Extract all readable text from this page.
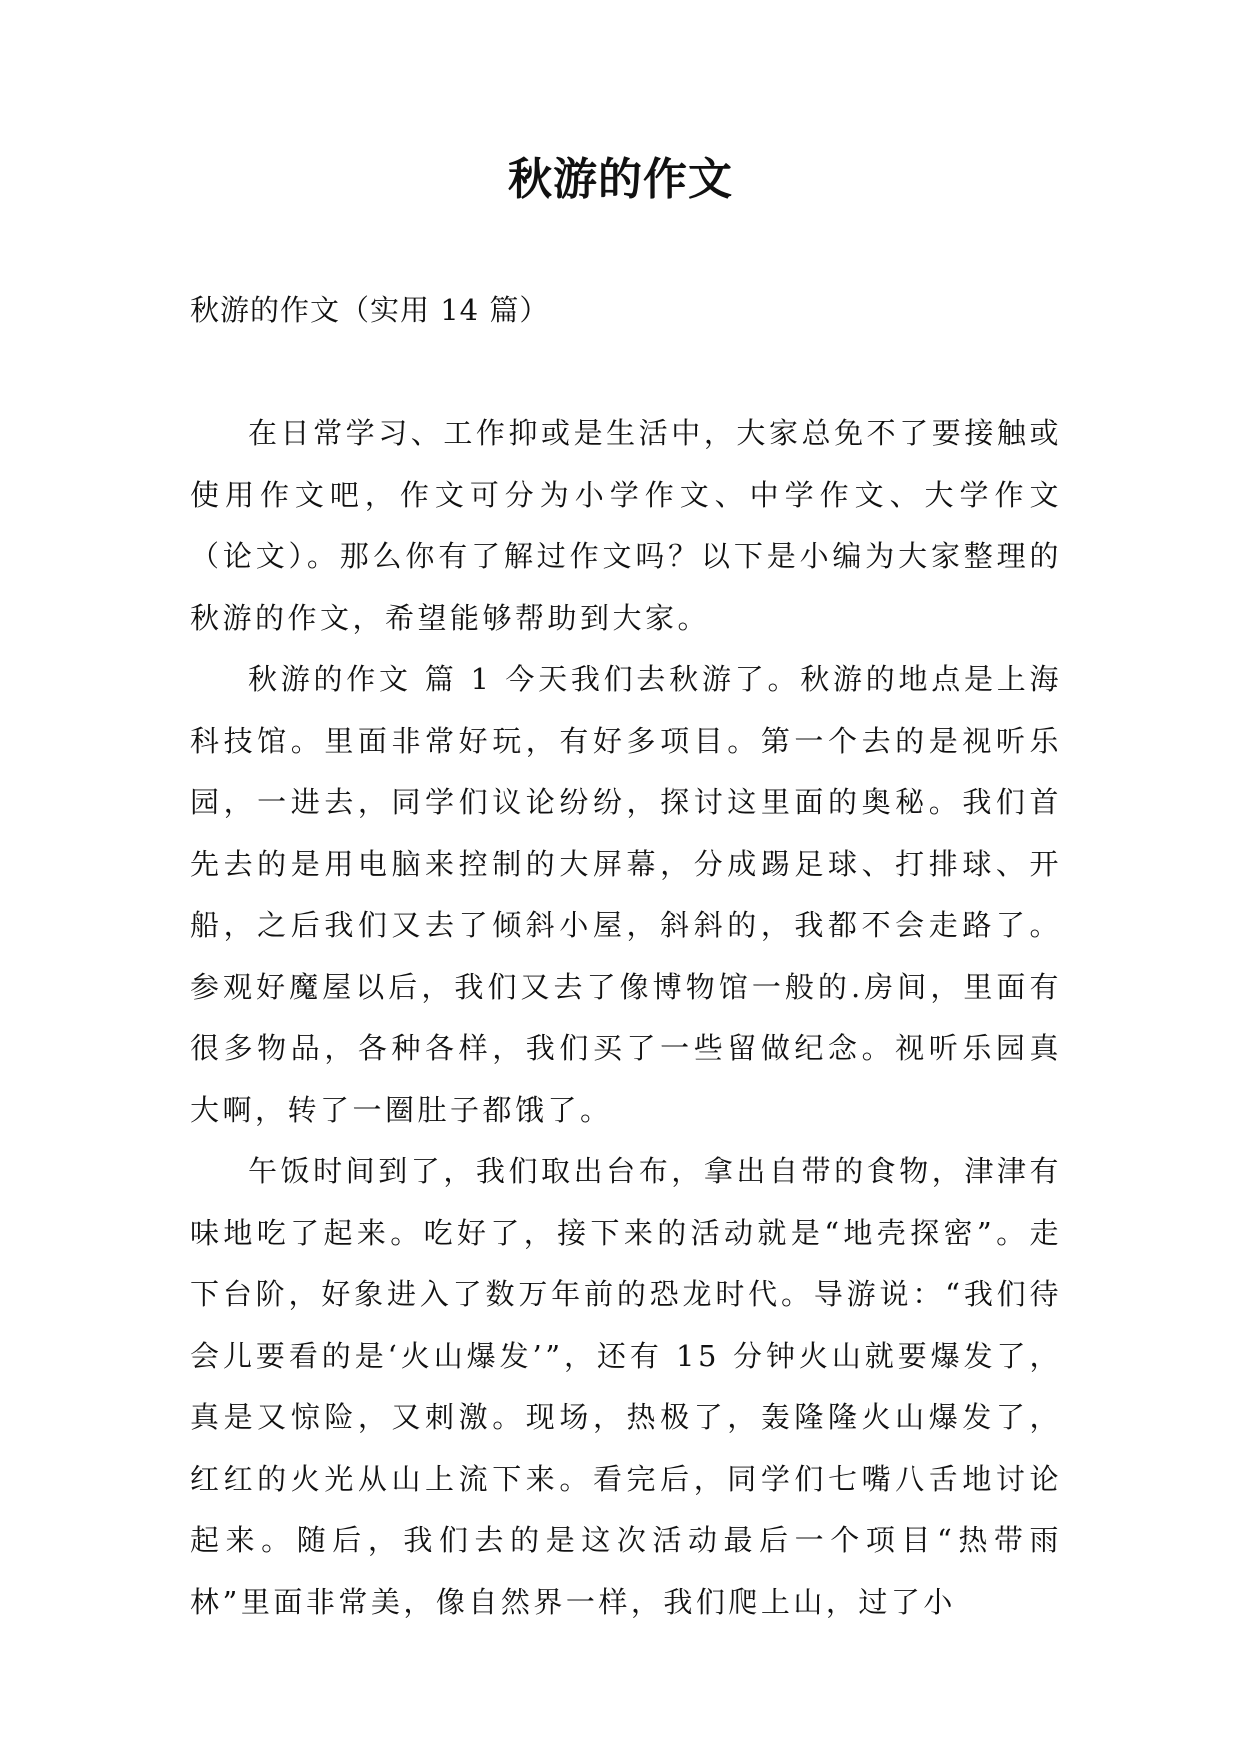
秋游的作文

秋游的作文（实用 14 篇）

在日常学习、工作抑或是生活中，大家总免不了要接触或使用作文吧，作文可分为小学作文、中学作文、大学作文（论文）。那么你有了解过作文吗？以下是小编为大家整理的秋游的作文，希望能够帮助到大家。

秋游的作文 篇 1 今天我们去秋游了。秋游的地点是上海科技馆。里面非常好玩，有好多项目。第一个去的是视听乐园，一进去，同学们议论纷纷，探讨这里面的奥秘。我们首先去的是用电脑来控制的大屏幕，分成踢足球、打排球、开船，之后我们又去了倾斜小屋，斜斜的，我都不会走路了。参观好魔屋以后，我们又去了像博物馆一般的.房间，里面有很多物品，各种各样，我们买了一些留做纪念。视听乐园真大啊，转了一圈肚子都饿了。

午饭时间到了，我们取出台布，拿出自带的食物，津津有味地吃了起来。吃好了，接下来的活动就是“地壳探密”。走下台阶，好象进入了数万年前的恐龙时代。导游说：“我们待会儿要看的是‘火山爆发’”，还有 15 分钟火山就要爆发了，真是又惊险，又刺激。现场，热极了，轰隆隆火山爆发了，红红的火光从山上流下来。看完后，同学们七嘴八舌地讨论起来。随后，我们去的是这次活动最后一个项目“热带雨林”里面非常美，像自然界一样，我们爬上山，过了小
